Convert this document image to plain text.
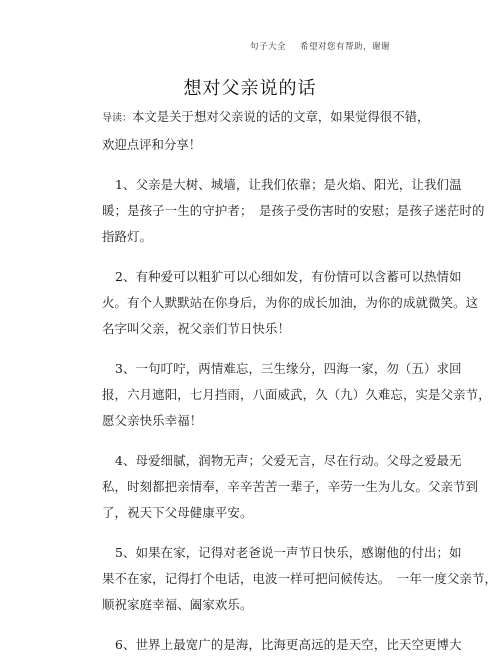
句子大全 希望对您有帮助，谢谢
想对父亲说的话

导读：本文是关于想对父亲说的话的文章，如果觉得很不错，
欢迎点评和分享！

1、父亲是大树、城墙，让我们依靠；是火焰、阳光，让我们温
暖；是孩子一生的守护者；　是孩子受伤害时的安慰；是孩子迷茫时的
指路灯。

2、有种爱可以粗犷可以心细如发，有份情可以含蓄可以热情如
火。有个人默默站在你身后，为你的成长加油，为你的成就微笑。这
名字叫父亲，祝父亲们节日快乐！

3、一句叮咛，两情难忘，三生缘分，四海一家，勿（五）求回
报，六月遮阳，七月挡雨，八面威武，久（九）久难忘，实是父亲节，
愿父亲快乐幸福！

4、母爱细腻，润物无声；父爱无言，尽在行动。父母之爱最无
私，时刻都把亲情奉，辛辛苦苦一辈子，辛劳一生为儿女。父亲节到
了，祝天下父母健康平安。

5、如果在家，记得对老爸说一声节日快乐，感谢他的付出；如
果不在家，记得打个电话，电波一样可把问候传达。　一年一度父亲节，
顺祝家庭幸福、阖家欢乐。

6、世界上最宽广的是海，比海更高远的是天空，比天空更博大
